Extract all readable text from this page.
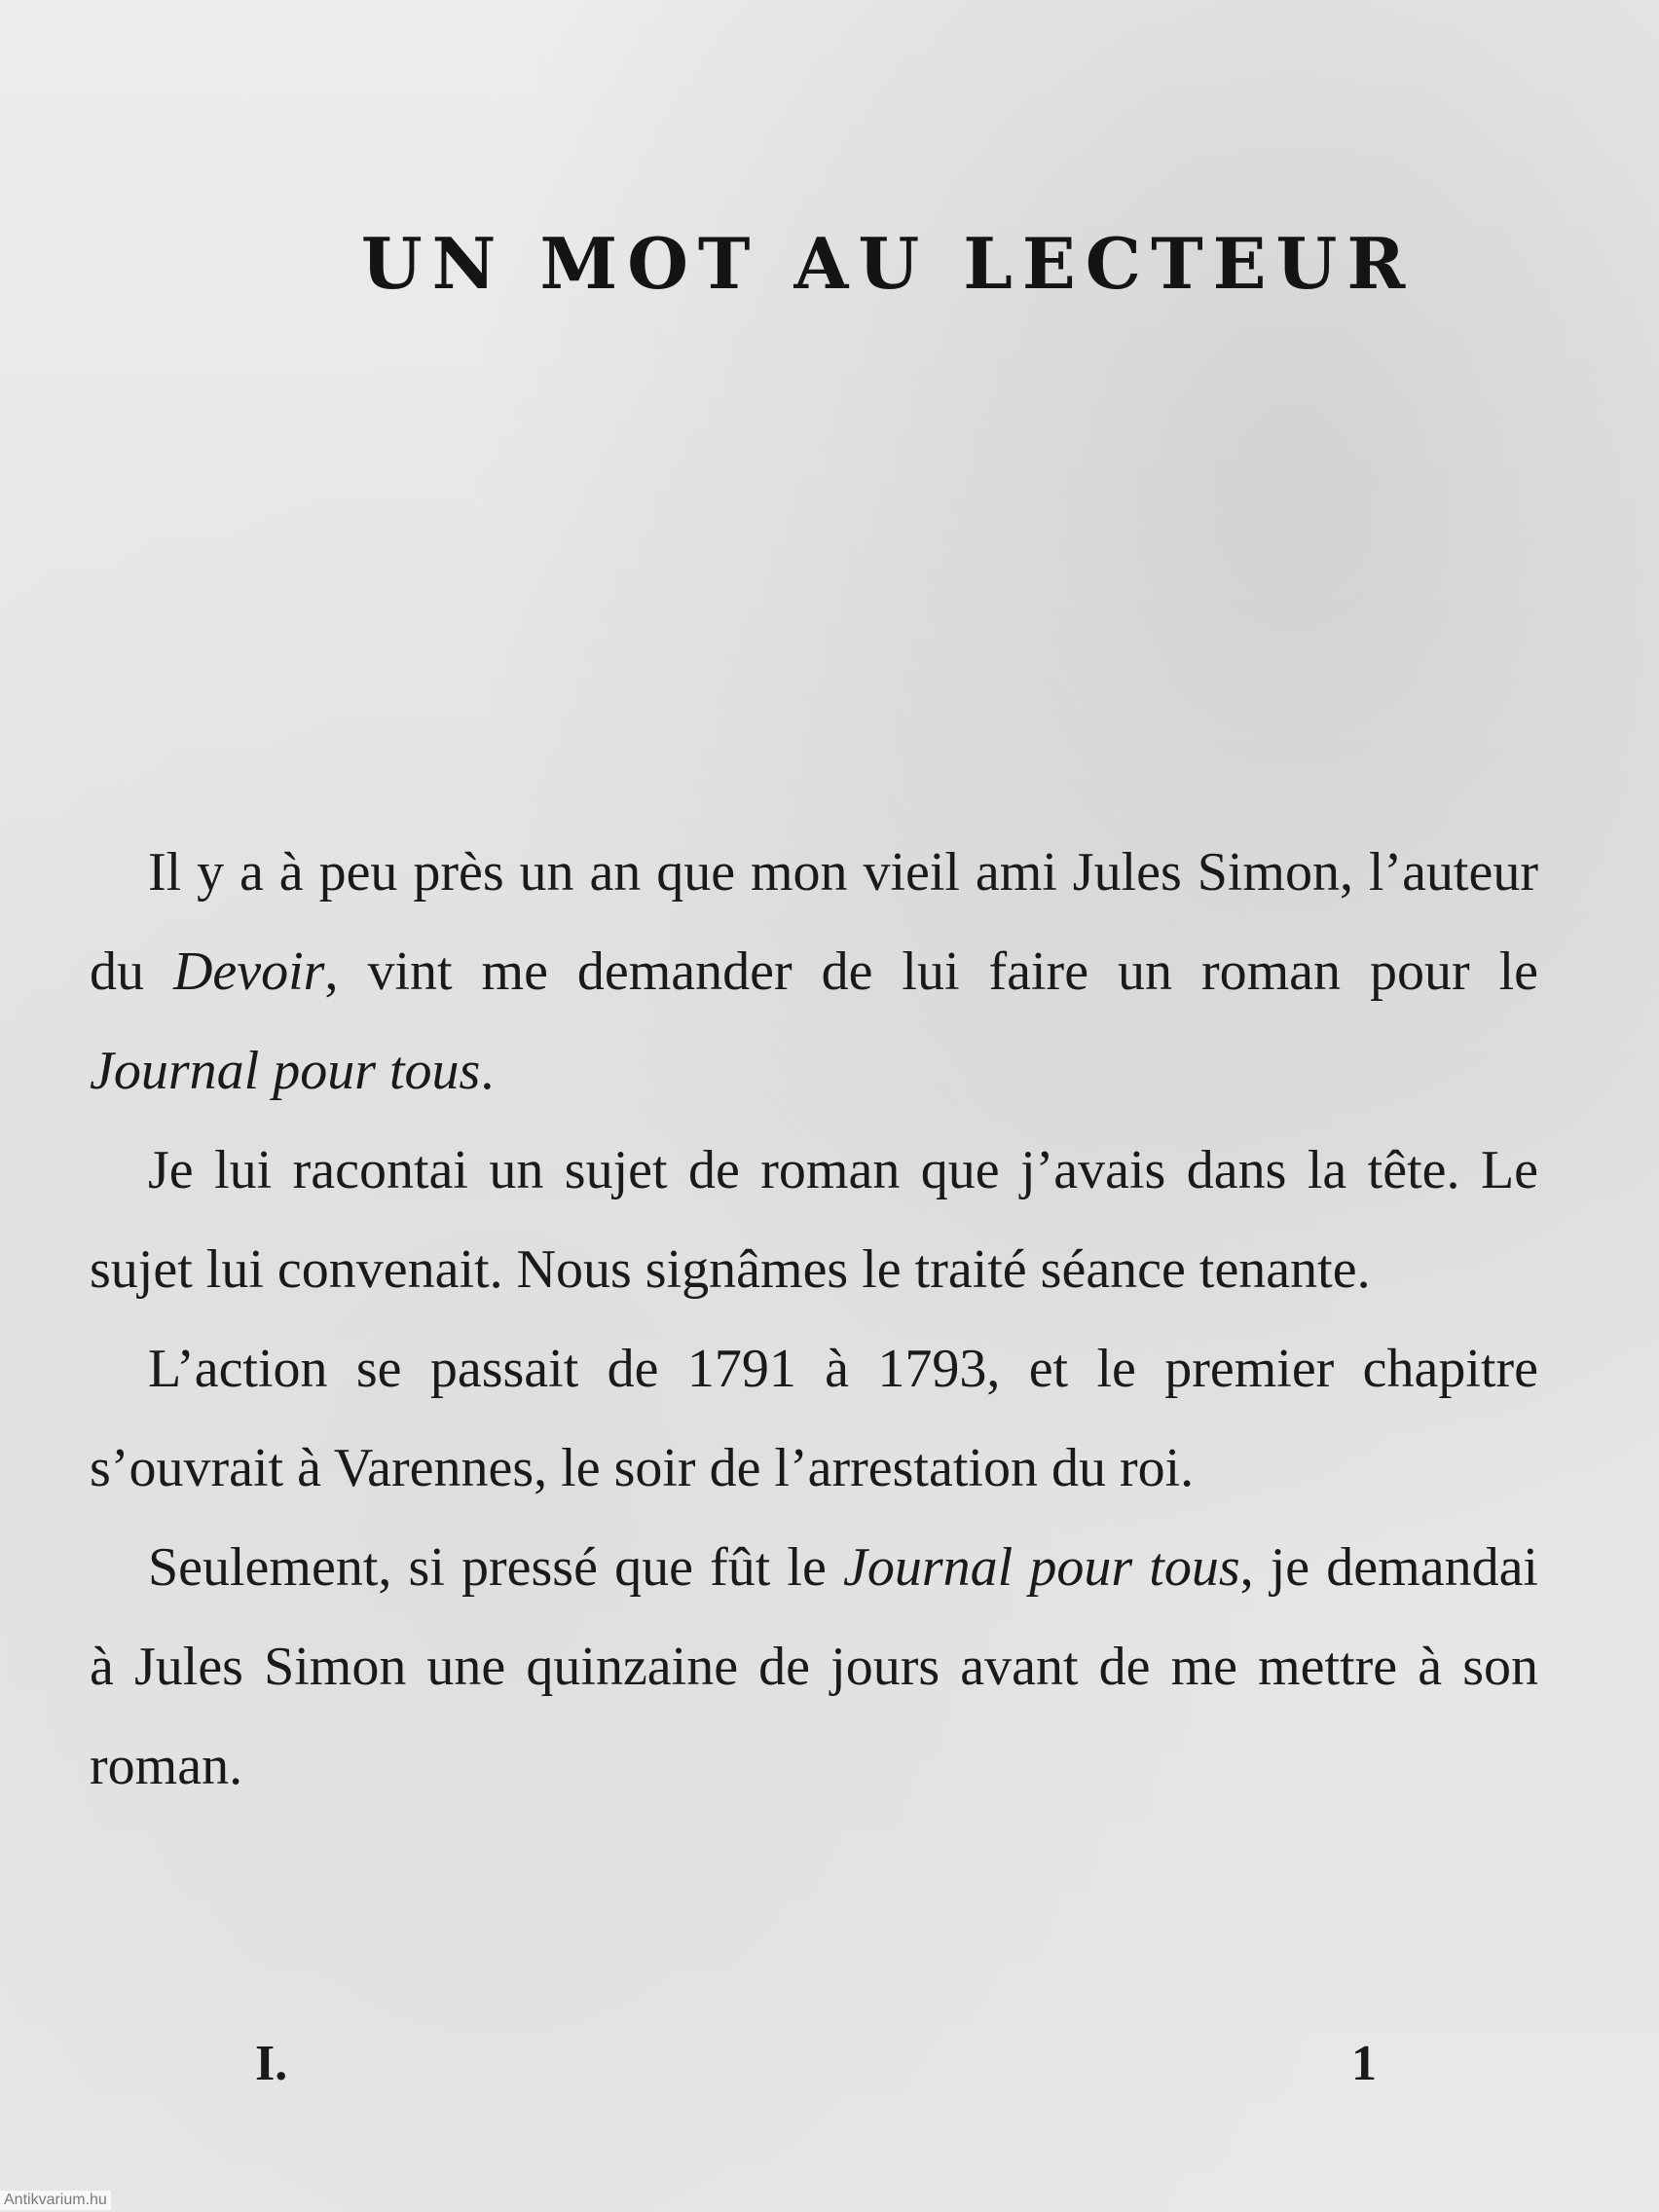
UN MOT AU LECTEUR

Il y a à peu près un an que mon vieil ami Jules Simon, l’auteur du Devoir, vint me demander de lui faire un roman pour le Journal pour tous.

Je lui racontai un sujet de roman que j’avais dans la tête. Le sujet lui convenait. Nous signâmes le traité séance tenante.

L’action se passait de 1791 à 1793, et le premier chapitre s’ouvrait à Varennes, le soir de l’arrestation du roi.

Seulement, si pressé que fût le Journal pour tous, je demandai à Jules Simon une quinzaine de jours avant de me mettre à son roman.

I.	1
Antikvarium.hu
